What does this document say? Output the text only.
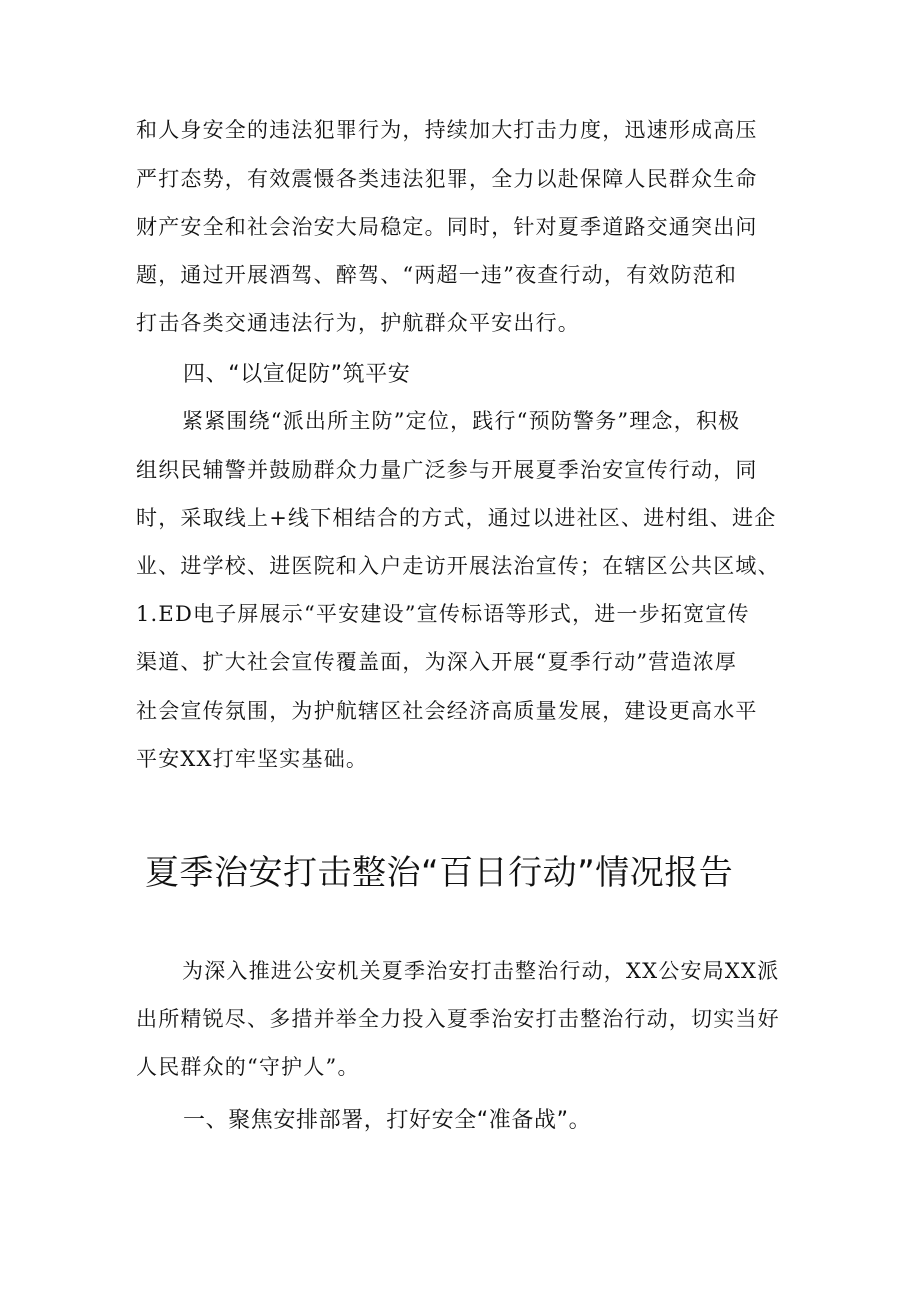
和人身安全的违法犯罪行为，持续加大打击力度，迅速形成高压
严打态势，有效震慑各类违法犯罪，全力以赴保障人民群众生命
财产安全和社会治安大局稳定。同时，针对夏季道路交通突出问
题，通过开展酒驾、醉驾、“两超一违”夜查行动，有效防范和
打击各类交通违法行为，护航群众平安出行。
四、“以宣促防”筑平安
紧紧围绕“派出所主防”定位，践行“预防警务”理念，积极
组织民辅警并鼓励群众力量广泛参与开展夏季治安宣传行动，同
时，采取线上+线下相结合的方式，通过以进社区、进村组、进企
业、进学校、进医院和入户走访开展法治宣传；在辖区公共区域、
1.ED电子屏展示“平安建设”宣传标语等形式，进一步拓宽宣传
渠道、扩大社会宣传覆盖面，为深入开展“夏季行动”营造浓厚
社会宣传氛围，为护航辖区社会经济高质量发展，建设更高水平
平安XX打牢坚实基础。
夏季治安打击整治“百日行动”情况报告
为深入推进公安机关夏季治安打击整治行动，XX公安局XX派
出所精锐尽、多措并举全力投入夏季治安打击整治行动，切实当好
人民群众的“守护人”。
一、聚焦安排部署，打好安全“准备战”。
